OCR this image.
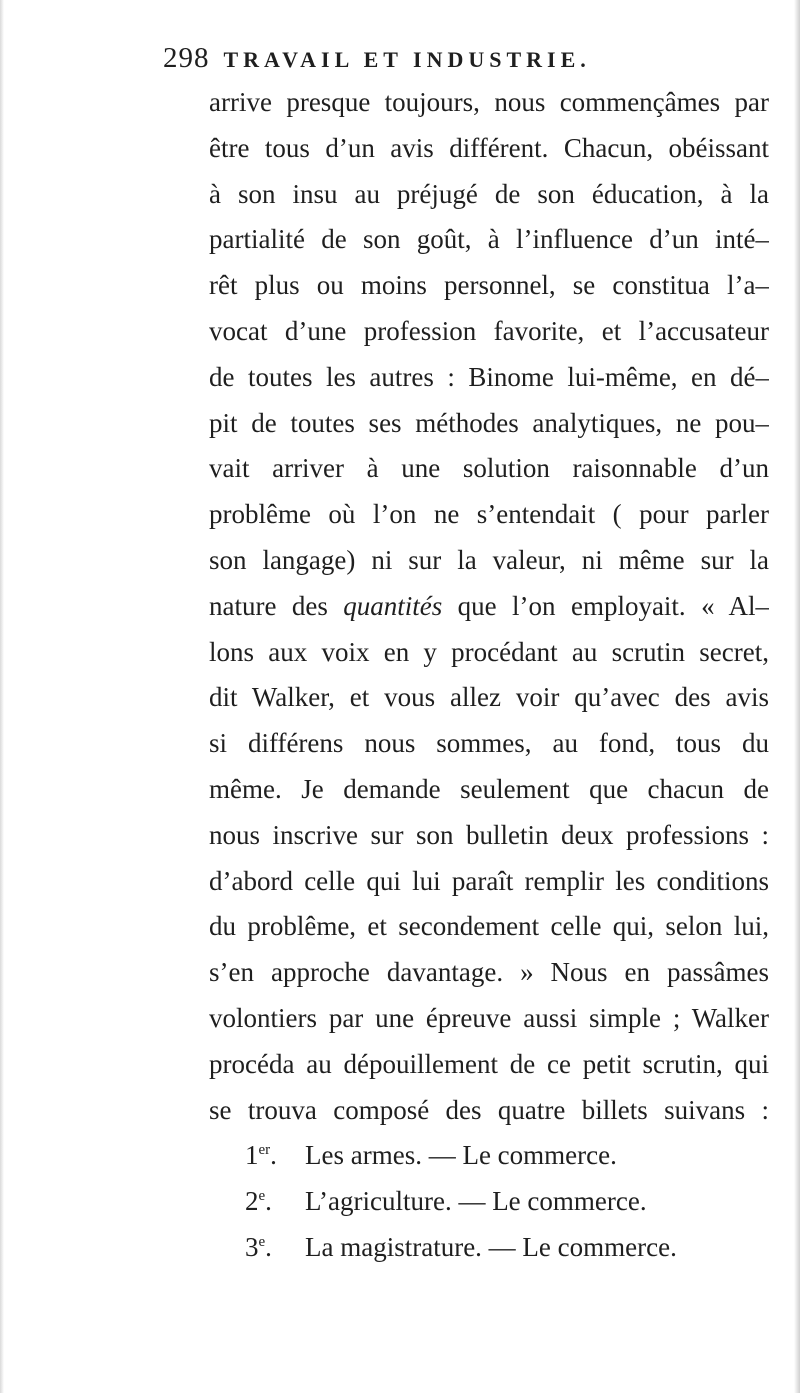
298 TRAVAIL ET INDUSTRIE.
arrive presque toujours, nous commençâmes par
être tous d’un avis différent. Chacun, obéissant
à son insu au préjugé de son éducation, à la
partialité de son goût, à l’influence d’un inté–
rêt plus ou moins personnel, se constitua l’a–
vocat d’une profession favorite, et l’accusateur
de toutes les autres : Binome lui-même, en dé–
pit de toutes ses méthodes analytiques, ne pou–
vait arriver à une solution raisonnable d’un
problême où l’on ne s’entendait ( pour parler
son langage) ni sur la valeur, ni même sur la
nature des quantités que l’on employait. « Al–
lons aux voix en y procédant au scrutin secret,
dit Walker, et vous allez voir qu’avec des avis
si différens nous sommes, au fond, tous du
même. Je demande seulement que chacun de
nous inscrive sur son bulletin deux professions :
d’abord celle qui lui paraît remplir les conditions
du problême, et secondement celle qui, selon lui,
s’en approche davantage. » Nous en passâmes
volontiers par une épreuve aussi simple ; Walker
procéda au dépouillement de ce petit scrutin, qui
se trouva composé des quatre billets suivans :
1er.	Les armes. — Le commerce.
2e.	L’agriculture. — Le commerce.
3e.	La magistrature. — Le commerce.
